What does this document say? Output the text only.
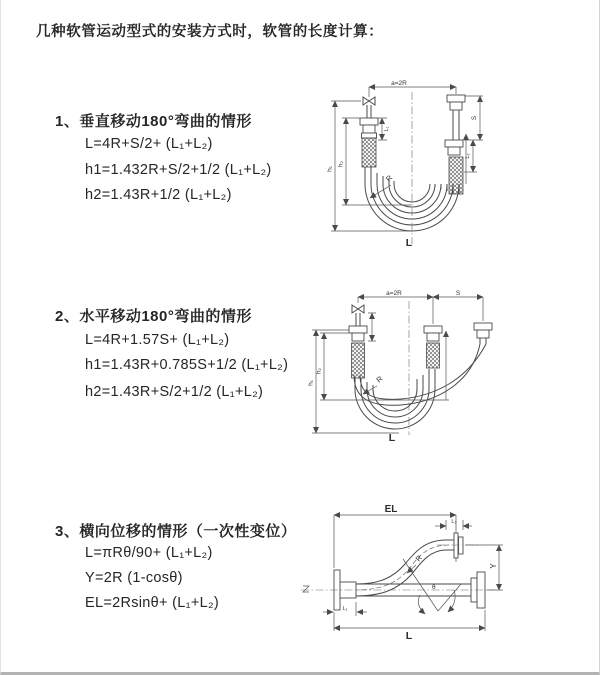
几种软管运动型式的安装方式时，软管的长度计算：
1、垂直移动180°弯曲的情形
L=4R+S/2+ (L₁+L₂)
h1=1.432R+S/2+1/2 (L₁+L₂)
h2=1.43R+1/2 (L₁+L₂)
2、水平移动180°弯曲的情形
L=4R+1.57S+ (L₁+L₂)
h1=1.43R+0.785S+1/2 (L₁+L₂)
h2=1.43R+S/2+1/2 (L₁+L₂)
3、横向位移的情形（一次性变位）
L=πRθ/90+ (L₁+L₂)
Y=2R (1-cosθ)
EL=2Rsinθ+ (L₁+L₂)
a=2R
R
h₁
h₂
L₁
S
L₂
L
a=2R	S
h₁
h₂
R
L
EL
L₂
θ
R
Y
L
L₁
